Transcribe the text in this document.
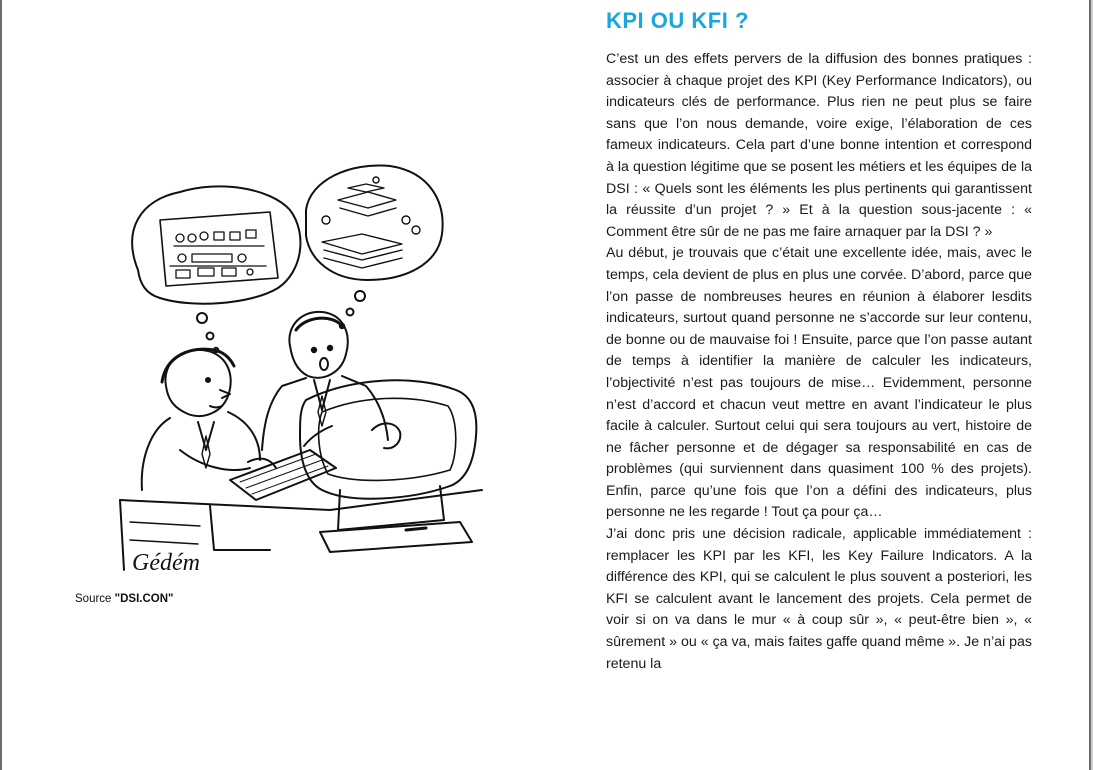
Gédém
Source "DSI.CON"
KPI OU KFI ?

C’est un des effets pervers de la diffusion des bonnes pratiques : associer à chaque projet des KPI (Key Performance Indicators), ou indicateurs clés de performance. Plus rien ne peut plus se faire sans que l’on nous demande, voire exige, l’élaboration de ces fameux indicateurs. Cela part d’une bonne intention et correspond à la question légitime que se posent les métiers et les équipes de la DSI : « Quels sont les éléments les plus pertinents qui garantissent la réussite d’un projet ? » Et à la question sous-jacente : « Comment être sûr de ne pas me faire arnaquer par la DSI ? »

Au début, je trouvais que c’était une excellente idée, mais, avec le temps, cela devient de plus en plus une corvée. D’abord, parce que l’on passe de nombreuses heures en réunion à élaborer lesdits indicateurs, surtout quand personne ne s’accorde sur leur contenu, de bonne ou de mauvaise foi ! Ensuite, parce que l’on passe autant de temps à identifier la manière de calculer les indicateurs, l’objectivité n’est pas toujours de mise… Evidemment, personne n’est d’accord et chacun veut mettre en avant l’indicateur le plus facile à calculer. Surtout celui qui sera toujours au vert, histoire de ne fâcher personne et de dégager sa responsabilité en cas de problèmes (qui surviennent dans quasiment 100 % des projets). Enfin, parce qu’une fois que l’on a défini des indicateurs, plus personne ne les regarde ! Tout ça pour ça…

J’ai donc pris une décision radicale, applicable immédiatement : remplacer les KPI par les KFI, les Key Failure Indicators. A la différence des KPI, qui se calculent le plus souvent a posteriori, les KFI se calculent avant le lancement des projets. Cela permet de voir si on va dans le mur « à coup sûr », « peut-être bien », « sûrement » ou « ça va, mais faites gaffe quand même ». Je n’ai pas retenu la
